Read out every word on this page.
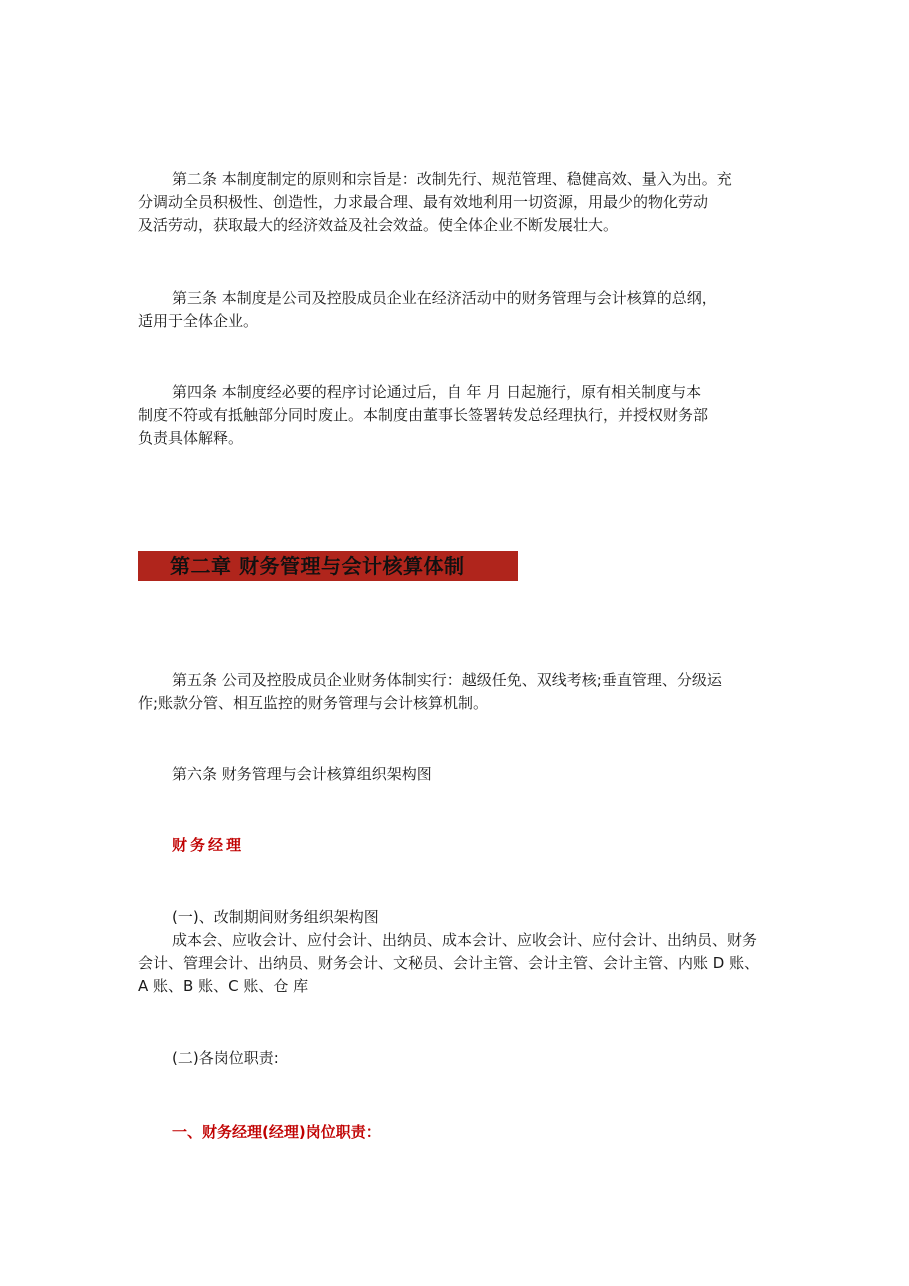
第二条 本制度制定的原则和宗旨是：改制先行、规范管理、稳健高效、量入为出。充
分调动全员积极性、创造性，力求最合理、最有效地利用一切资源，用最少的物化劳动
及活劳动，获取最大的经济效益及社会效益。使全体企业不断发展壮大。

第三条 本制度是公司及控股成员企业在经济活动中的财务管理与会计核算的总纲，
适用于全体企业。

第四条 本制度经必要的程序讨论通过后，自 年 月 日起施行，原有相关制度与本
制度不符或有抵触部分同时废止。本制度由董事长签署转发总经理执行，并授权财务部
负责具体解释。

第二章 财务管理与会计核算体制

第五条 公司及控股成员企业财务体制实行：越级任免、双线考核;垂直管理、分级运
作;账款分管、相互监控的财务管理与会计核算机制。

第六条 财务管理与会计核算组织架构图

财务经理

(一)、改制期间财务组织架构图
成本会、应收会计、应付会计、出纳员、成本会计、应收会计、应付会计、出纳员、财务
会计、管理会计、出纳员、财务会计、文秘员、会计主管、会计主管、会计主管、内账 D 账、
A 账、B 账、C 账、仓 库

(二)各岗位职责:

一、财务经理(经理)岗位职责：
